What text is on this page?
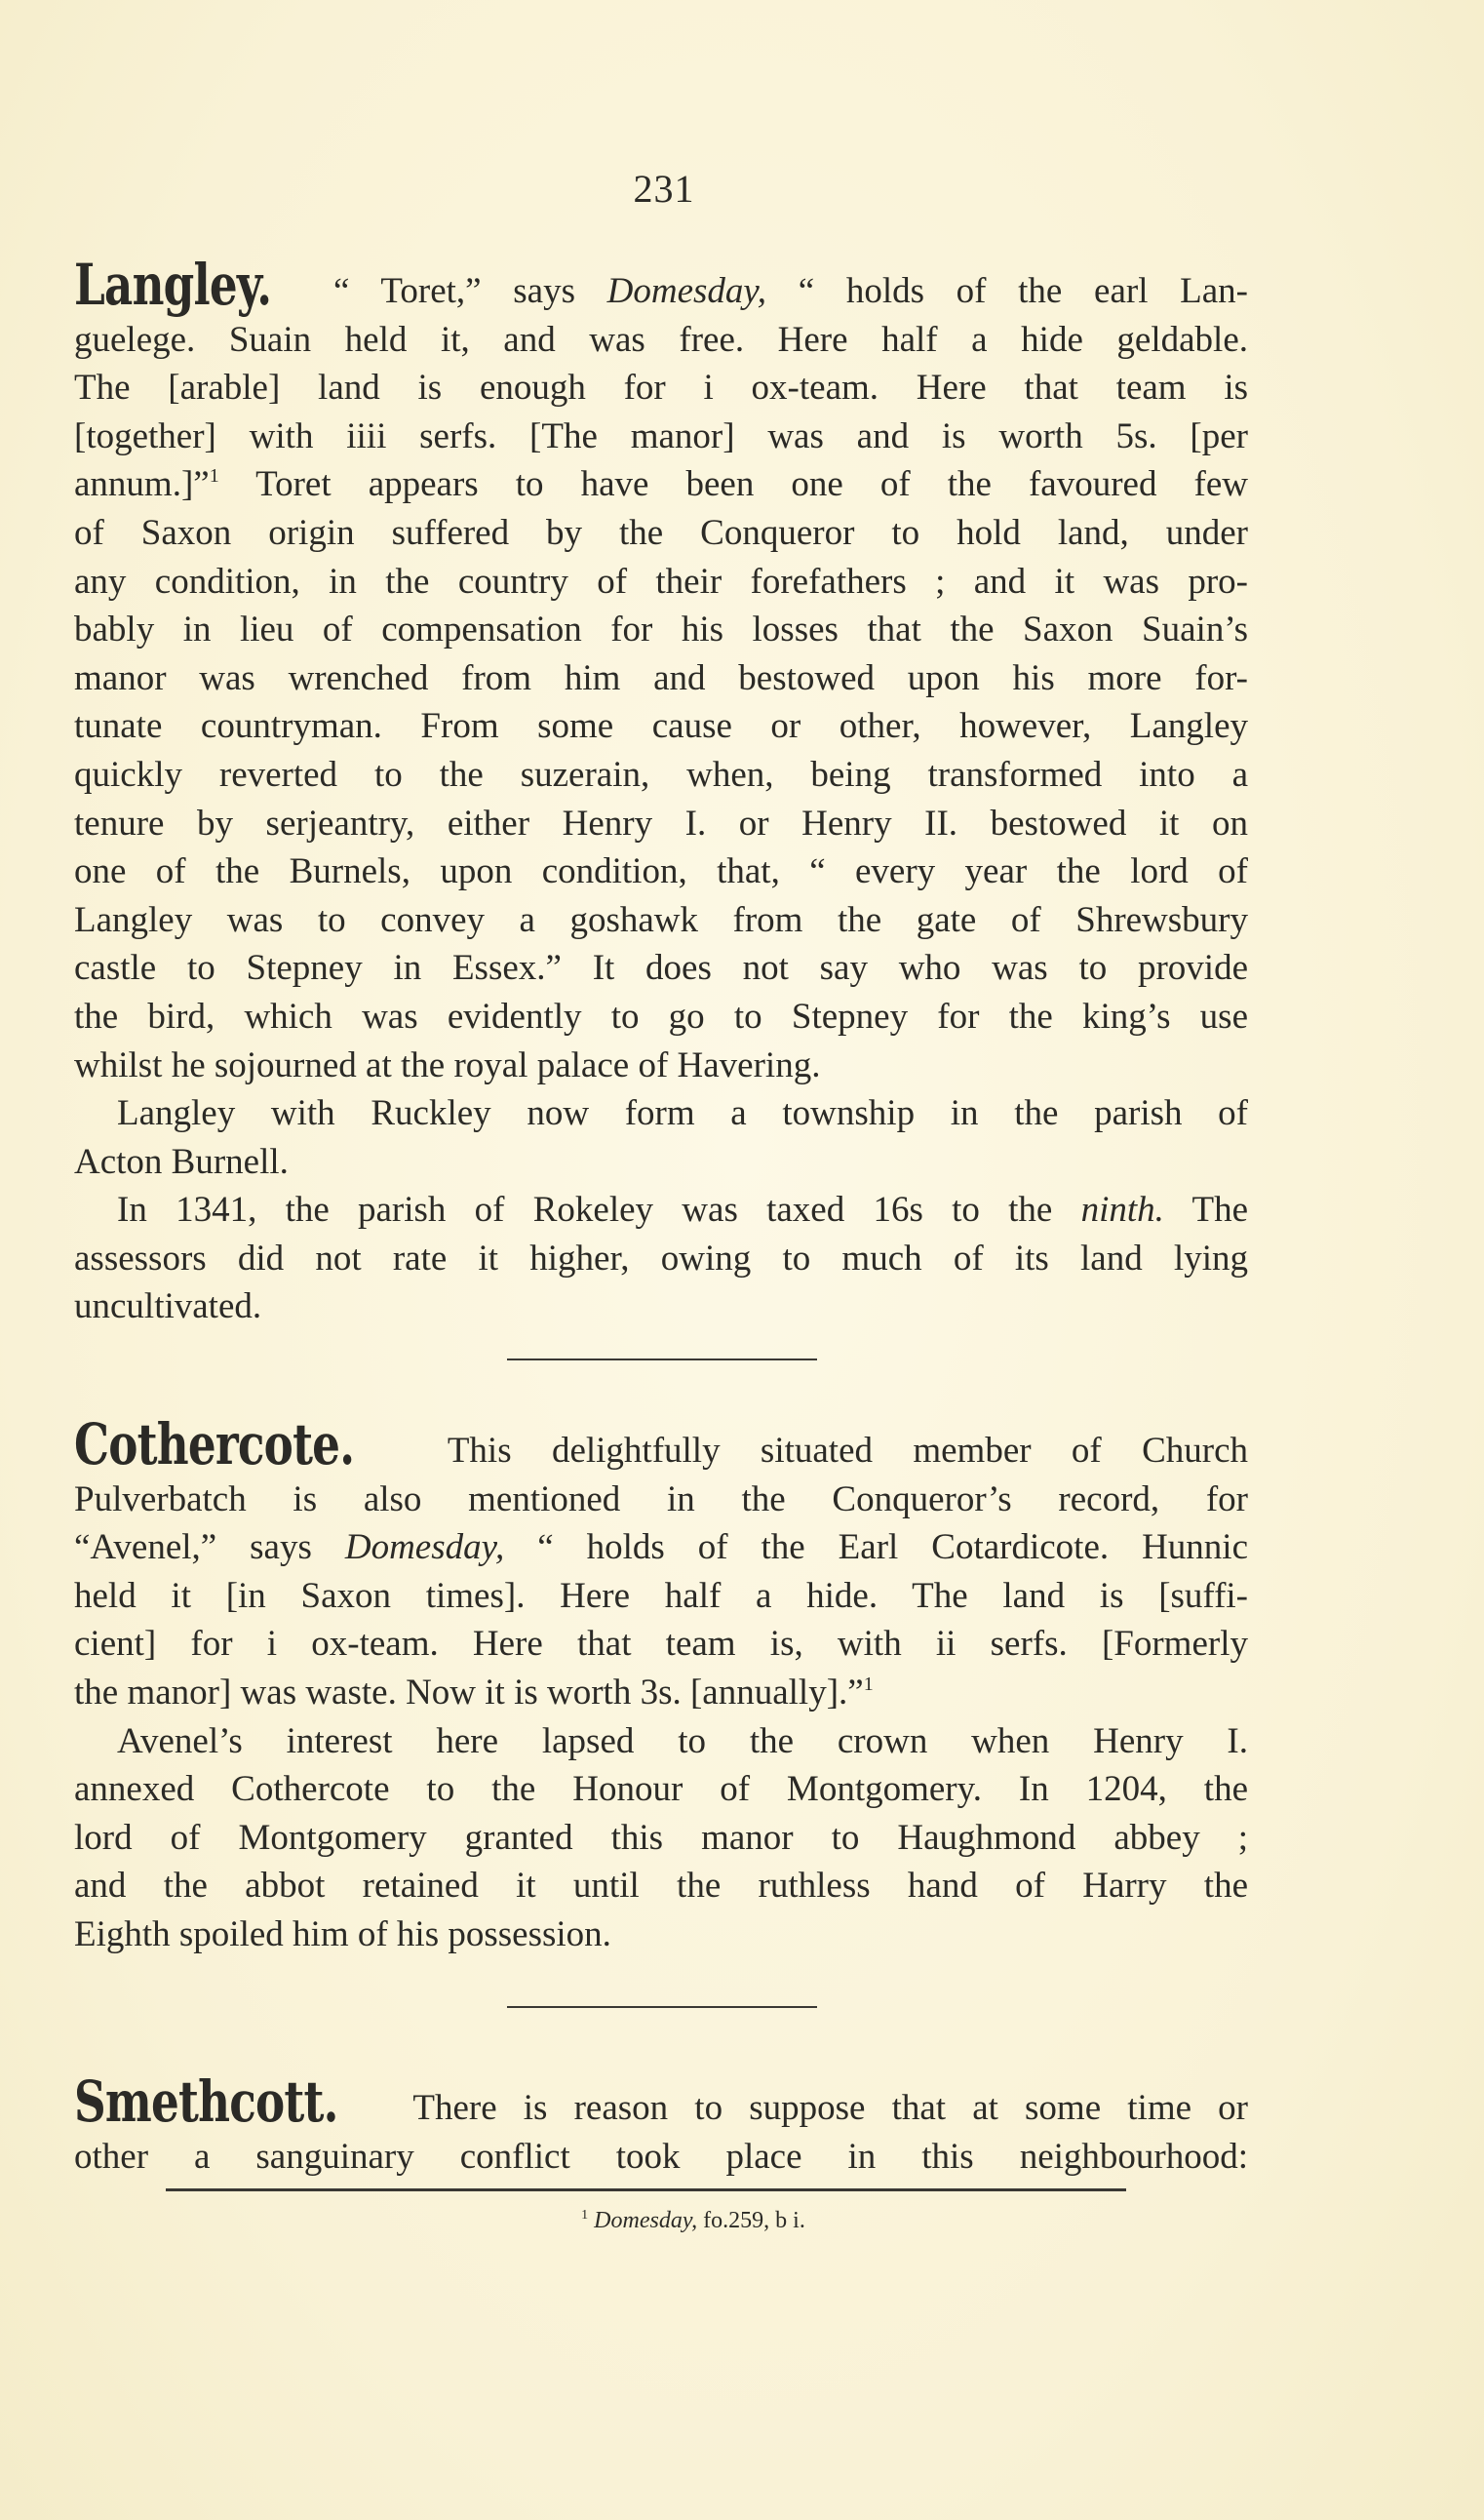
231

Langley. “ Toret,” says Domesday, “ holds of the earl Lan-

guelege. Suain held it, and was free. Here half a hide geldable.

The [arable] land is enough for i ox-team. Here that team is

[together] with iiii serfs. [The manor] was and is worth 5s. [per

annum.]”$^1$ Toret appears to have been one of the favoured few

of Saxon origin suffered by the Conqueror to hold land, under

any condition, in the country of their forefathers ; and it was pro-

bably in lieu of compensation for his losses that the Saxon Suain’s

manor was wrenched from him and bestowed upon his more for-

tunate countryman. From some cause or other, however, Langley

quickly reverted to the suzerain, when, being transformed into a

tenure by serjeantry, either Henry I. or Henry II. bestowed it on

one of the Burnels, upon condition, that, “ every year the lord of

Langley was to convey a goshawk from the gate of Shrewsbury

castle to Stepney in Essex.” It does not say who was to provide

the bird, which was evidently to go to Stepney for the king’s use

whilst he sojourned at the royal palace of Havering.

Langley with Ruckley now form a township in the parish of

Acton Burnell.

In 1341, the parish of Rokeley was taxed 16s to the ninth. The

assessors did not rate it higher, owing to much of its land lying

uncultivated.

Cothercote. This delightfully situated member of Church

Pulverbatch is also mentioned in the Conqueror’s record, for

“Avenel,” says Domesday, “ holds of the Earl Cotardicote. Hunnic

held it [in Saxon times]. Here half a hide. The land is [suffi-

cient] for i ox-team. Here that team is, with ii serfs. [Formerly

the manor] was waste. Now it is worth 3s. [annually].”$^1$

Avenel’s interest here lapsed to the crown when Henry I.

annexed Cothercote to the Honour of Montgomery. In 1204, the

lord of Montgomery granted this manor to Haughmond abbey ;

and the abbot retained it until the ruthless hand of Harry the

Eighth spoiled him of his possession.

Smethcott. There is reason to suppose that at some time or

other a sanguinary conflict took place in this neighbourhood:

$^1$ Domesday, fo.259, b i.
